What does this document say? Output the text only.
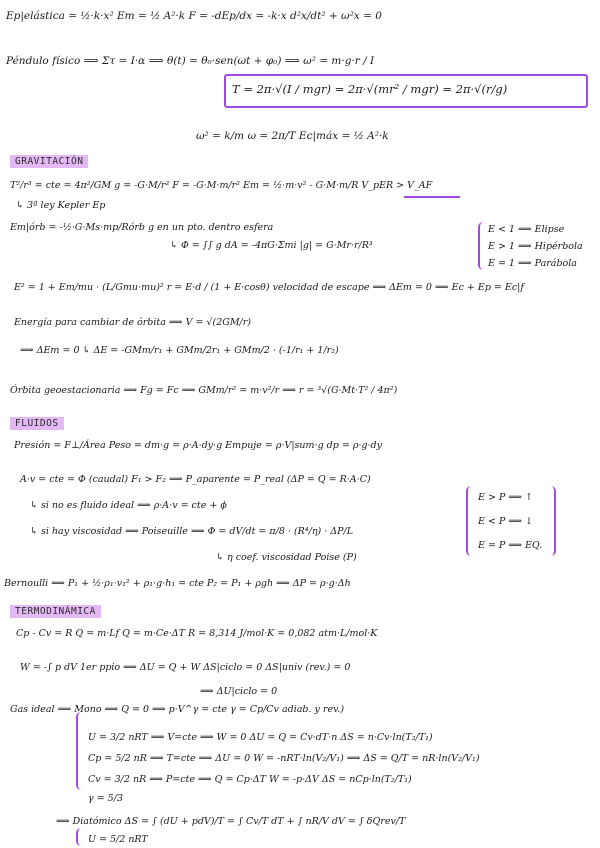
Ep|elástica = ½·k·x² Em = ½ A²·k F = -dEp/dx = -k·x d²x/dt² + ω²x = 0
Péndulo físico ⟹ Στ = I·α ⟹ θ(t) = θ₀·sen(ωt + φ₀) ⟹ ω² = m·g·r / I
T = 2π·√(I / mgr) = 2π·√(mr² / mgr) = 2π·√(r/g)
ω² = k/m ω = 2π/T Ec|máx = ½ A²·k
GRAVITACIÓN
T²/r³ = cte = 4π²/GM g = -G·M/r² F = -G·M·m/r² Em = ½·m·v² - G·M·m/R V_pER > V_AF
↳ 3ª ley Kepler Ep
Em|órb = -½·G·Ms·mp/Rórb g en un pto. dentro esfera
↳ Φ = ∫∫ g dA = -4πG·Σmi |g| = G·Mr·r/R³
E < 1 ⟹ Elipse
E > 1 ⟹ Hipérbola
E = 1 ⟹ Parábola
E² = 1 + Em/mu · (L/Gmu·mu)² r = E·d / (1 + E·cosθ) velocidad de escape ⟹ ΔEm = 0 ⟹ Ec + Ep = Ec|f
Energía para cambiar de órbita ⟹ V = √(2GM/r)
⟹ ΔEm = 0 ↳ ΔE = -GMm/r₁ + GMm/2r₁ + GMm/2 · (-1/r₁ + 1/r₂)
Órbita geoestacionaria ⟹ Fg = Fc ⟹ GMm/r² = m·v²/r ⟹ r = ³√(G·Mt·T² / 4π²)
FLUIDOS
Presión = F⊥/Área Peso = dm·g = ρ·A·dy·g Empuje = ρ·V|sum·g dp = ρ·g·dy
A·v = cte = Φ (caudal) F₁ > F₂ ⟹ P_aparente = P_real (ΔP = Q = R·A·C)
↳ si no es fluido ideal ⟹ ρ·A·v = cte + ϕ
↳ si hay viscosidad ⟹ Poiseuille ⟹ Φ = dV/dt = π/8 · (R⁴/η) · ΔP/L
↳ η coef. viscosidad Poise (P)
E > P ⟹ ↑
E < P ⟹ ↓
E = P ⟹ EQ.
Bernoulli ⟹ P₁ + ½·ρ₁·v₁² + ρ₁·g·h₁ = cte P₂ = P₁ + ρgh ⟹ ΔP = ρ·g·Δh
TERMODINÁMICA
Cp - Cv = R Q = m·Lf Q = m·Ce·ΔT R = 8,314 J/mol·K = 0,082 atm·L/mol·K
W = -∫ p dV 1er ppio ⟹ ΔU = Q + W ΔS|ciclo = 0 ΔS|univ (rev.) = 0
⟹ ΔU|ciclo = 0
Gas ideal ⟹ Mono ⟹ Q = 0 ⟹ p·V^γ = cte γ = Cp/Cv adiab. y rev.)
U = 3/2 nRT ⟹ V=cte ⟹ W = 0 ΔU = Q = Cv·dT·n ΔS = n·Cv·ln(T₂/T₁)
Cp = 5/2 nR ⟹ T=cte ⟹ ΔU = 0 W = -nRT·ln(V₂/V₁) ⟹ ΔS = Q/T = nR·ln(V₂/V₁)
Cv = 3/2 nR ⟹ P=cte ⟹ Q = Cp·ΔT W = -p·ΔV ΔS = nCp·ln(T₂/T₁)
γ = 5/3
⟹ Diatómico ΔS = ∫ (dU + pdV)/T = ∫ Cv/T dT + ∫ nR/V dV = ∫ δQrev/T
U = 5/2 nRT
